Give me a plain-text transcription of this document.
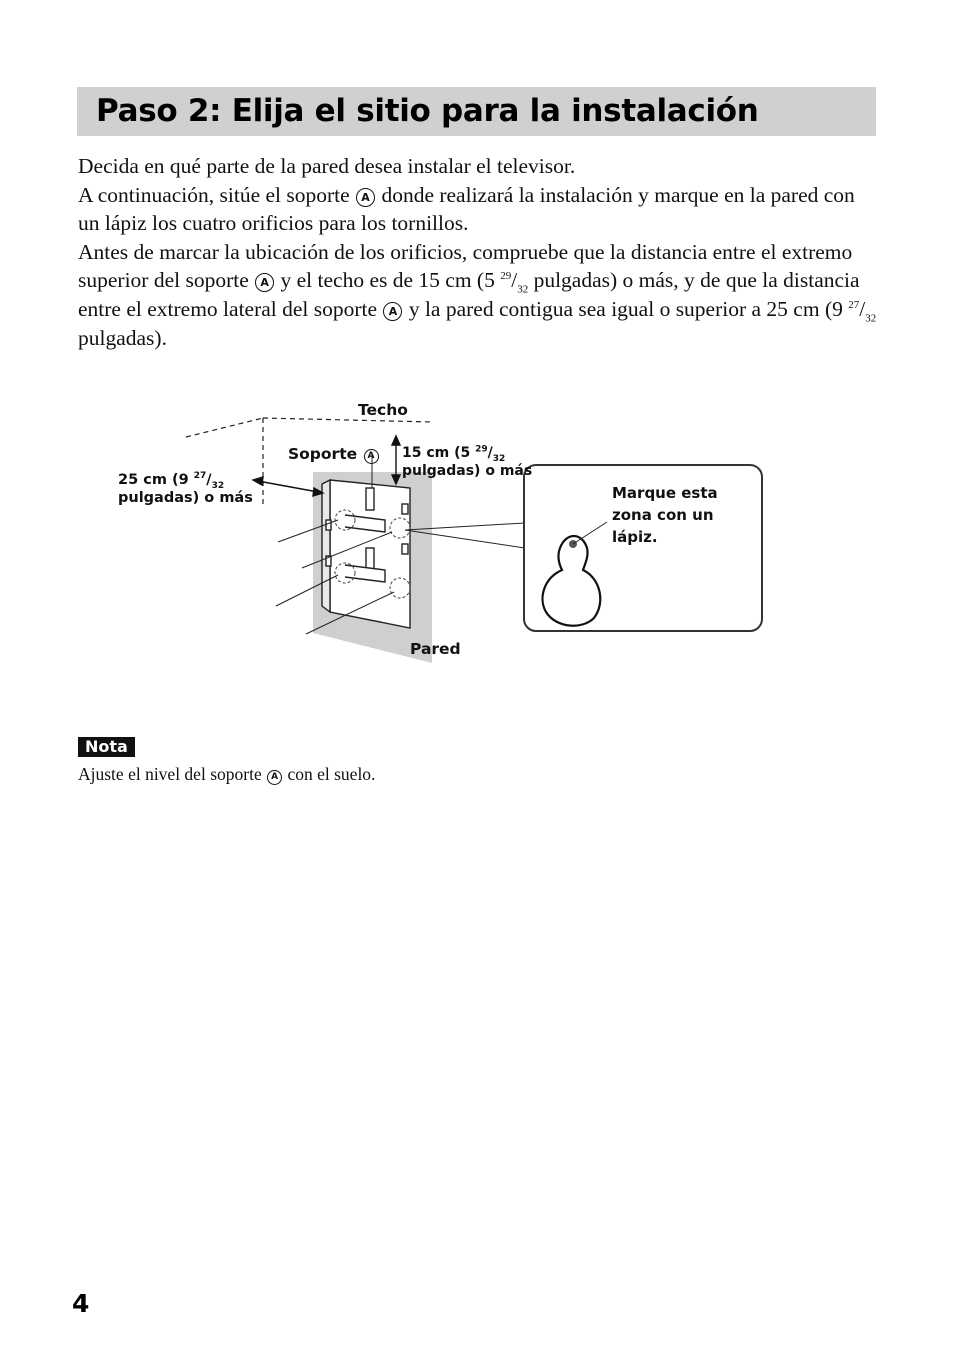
Paso 2: Elija el sitio para la instalación

Decida en qué parte de la pared desea instalar el televisor.

A continuación, sitúe el soporte A donde realizará la instalación y marque en la pared con un lápiz los cuatro orificios para los tornillos.

Antes de marcar la ubicación de los orificios, compruebe que la distancia entre el extremo superior del soporte A y el techo es de 15 cm (5 $^{29}/_{32}$ pulgadas) o más, y de que la distancia entre el extremo lateral del soporte A y la pared contigua sea igual o superior a 25 cm (9 $^{27}/_{32}$ pulgadas).

Techo

Soporte A	15 cm (5 $^{29}/_{32}$
pulgadas) o más

25 cm (9 $^{27}/_{32}$
pulgadas) o más	Marque esta
zona con un
lápiz.

Pared

Nota

Ajuste el nivel del soporte A con el suelo.

4
